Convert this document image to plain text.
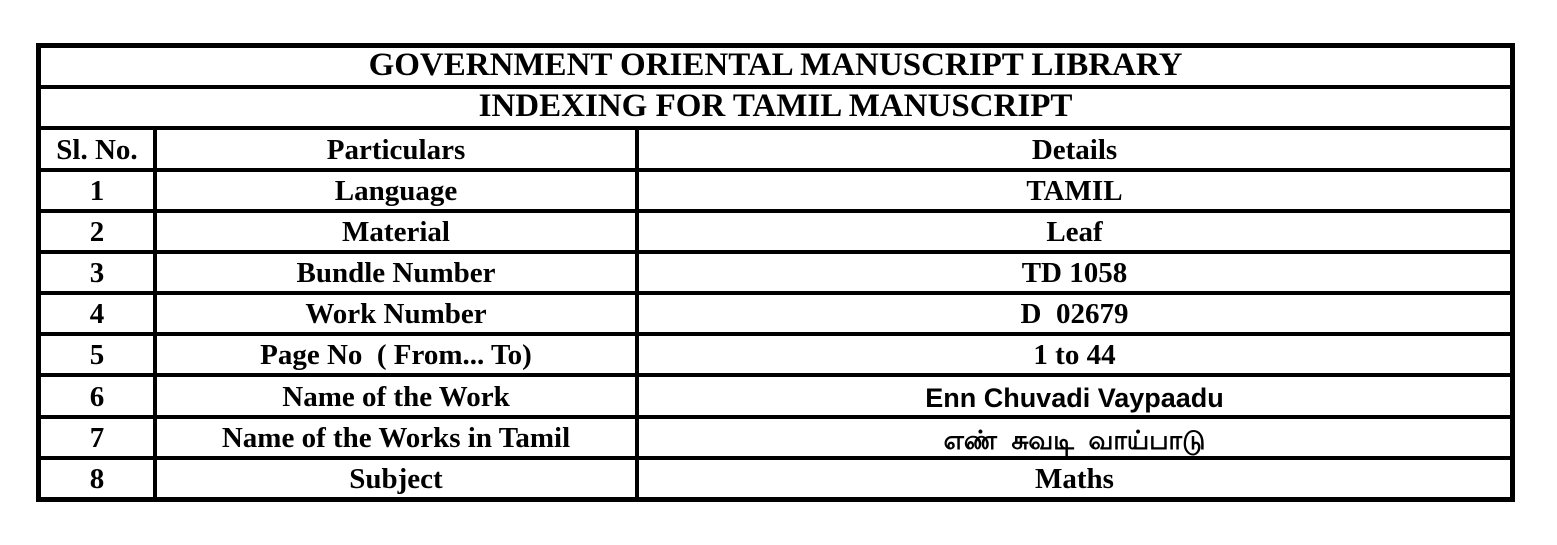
GOVERNMENT ORIENTAL MANUSCRIPT LIBRARY
INDEXING FOR TAMIL MANUSCRIPT
Sl. No.	Particulars	Details
1	Language	TAMIL
2	Material	Leaf
3	Bundle Number	TD 1058
4	Work Number	D  02679
5	Page No  ( From... To)	1 to 44
6	Name of the Work	Enn Chuvadi Vaypaadu
7	Name of the Works in Tamil	எண்  சுவடி  வாய்பாடு
8	Subject	Maths
